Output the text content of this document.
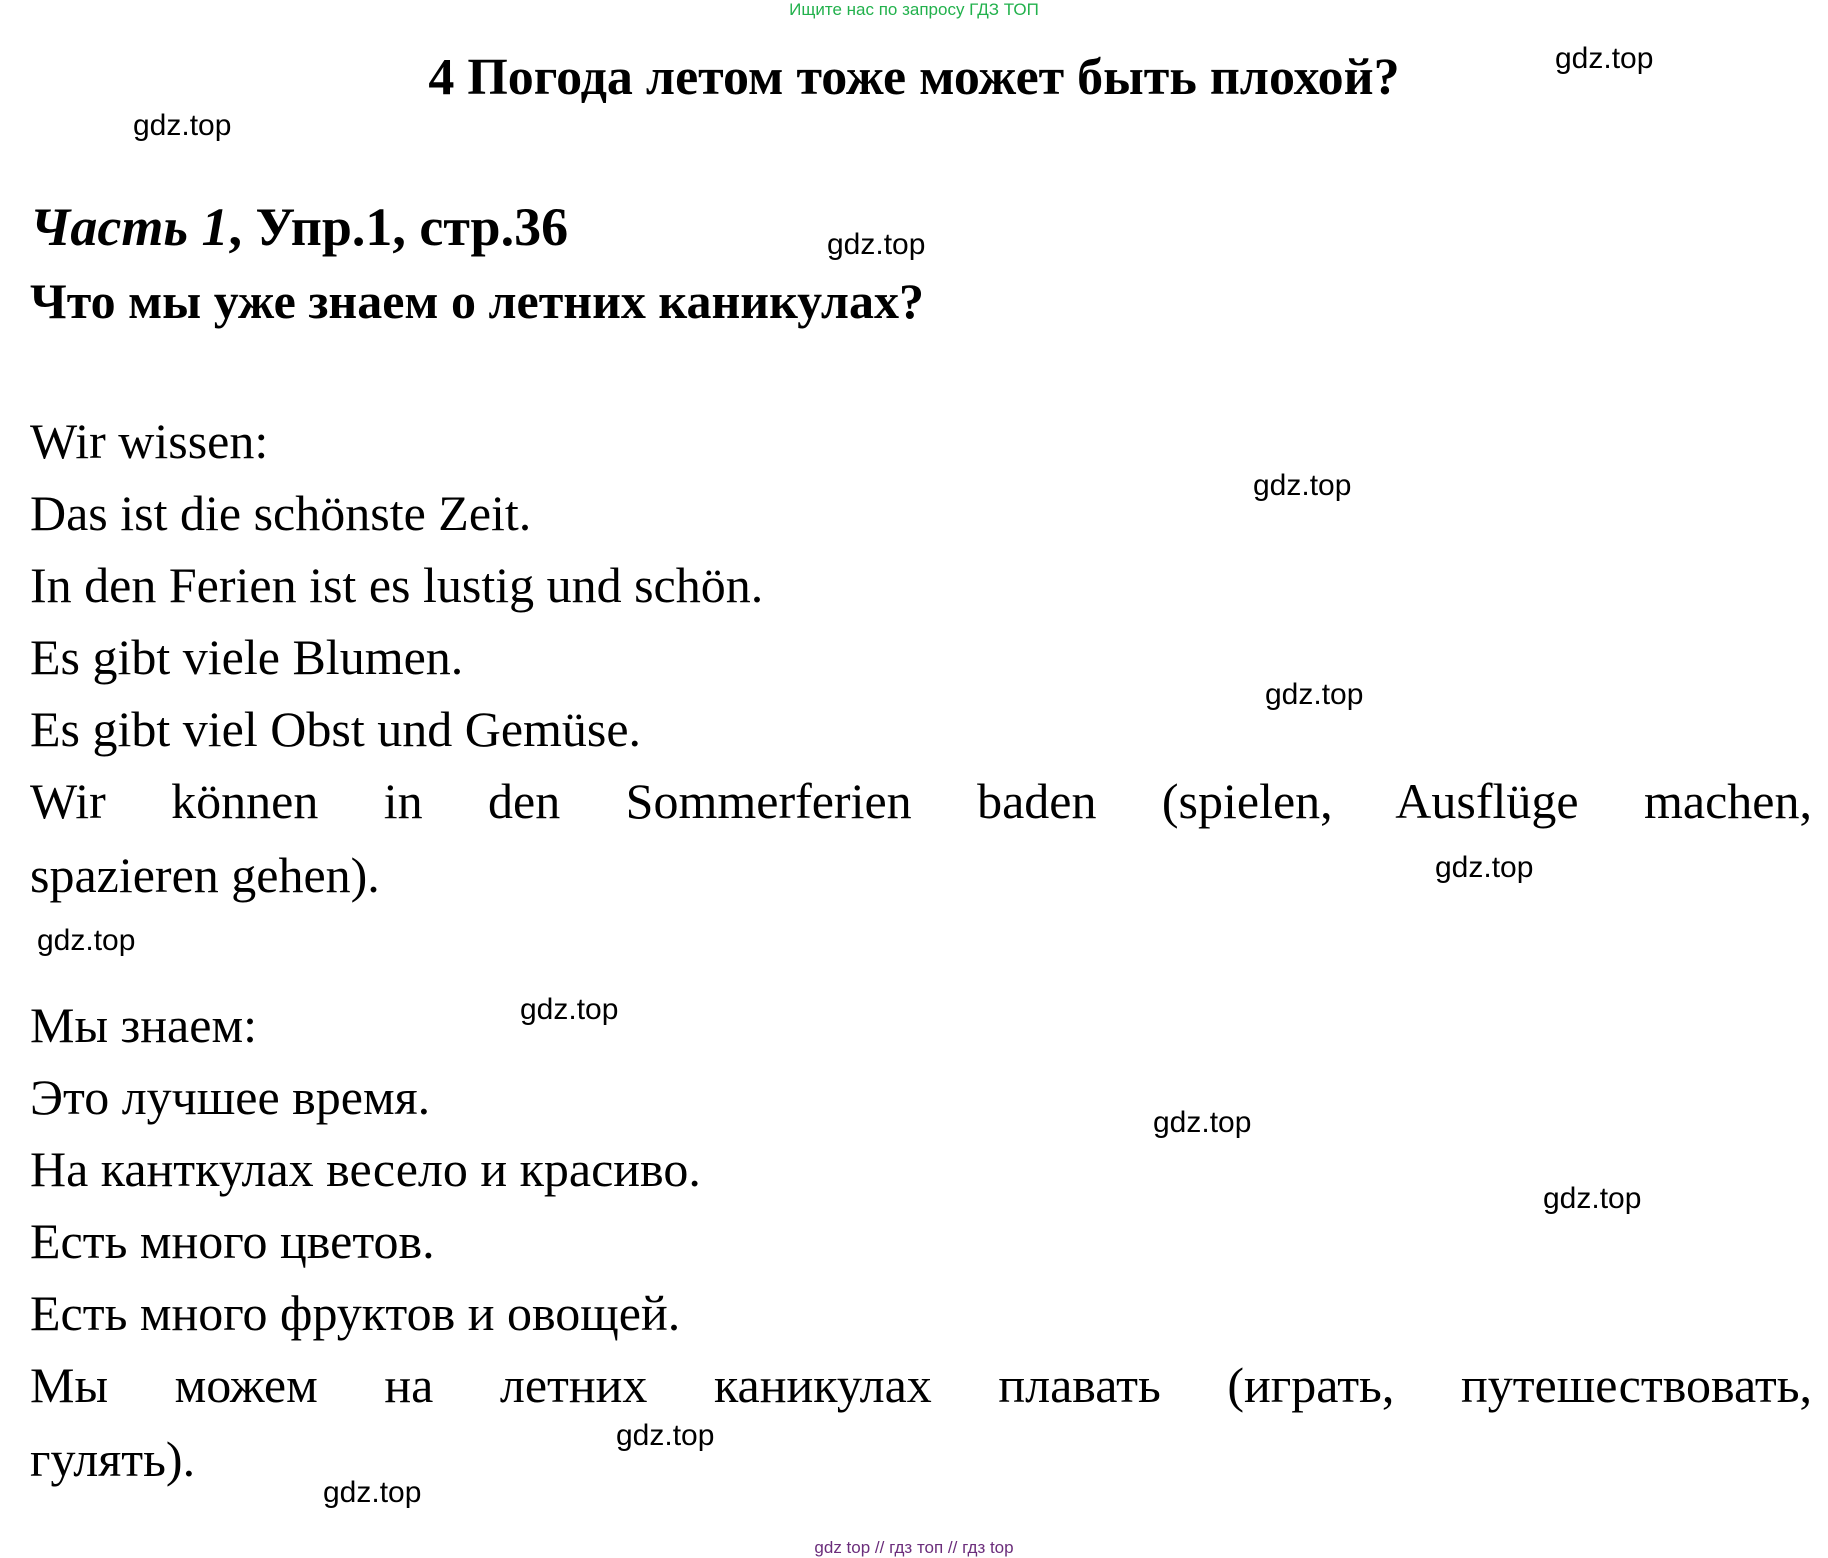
Ищите нас по запросу ГДЗ ТОП
4 Погода летом тоже может быть плохой?
Часть 1, Упр.1, стр.36
Что мы уже знаем о летних каникулах?
Wir wissen:
Das ist die schönste Zeit.
In den Ferien ist es lustig und schön.
Es gibt viele Blumen.
Es gibt viel Obst und Gemüse.
Wir können in den Sommerferien baden (spielen, Ausflüge machen,
spazieren gehen).
Мы знаем:
Это лучшее время.
На канткулах весело и красиво.
Есть много цветов.
Есть много фруктов и овощей.
Мы можем на летних каникулах плавать (играть, путешествовать,
гулять).
gdz.top
gdz.top
gdz.top
gdz.top
gdz.top
gdz.top
gdz.top
gdz.top
gdz.top
gdz.top
gdz.top
gdz.top
gdz top // гдз топ // гдз top
